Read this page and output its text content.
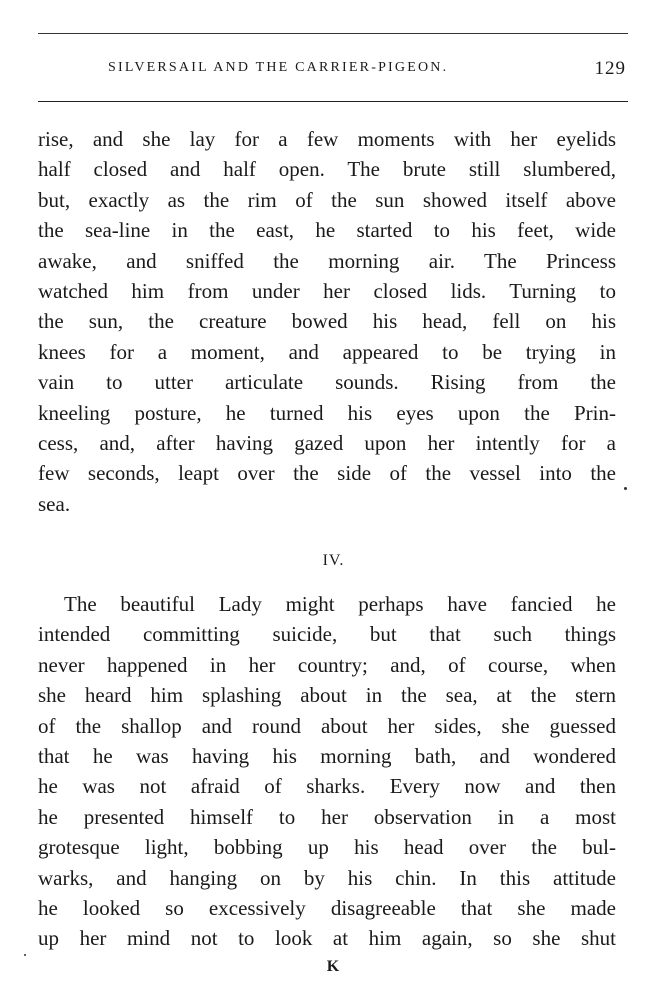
SILVERSAIL AND THE CARRIER-PIGEON.	129
rise, and she lay for a few moments with her eyelids
half closed and half open. The brute still slumbered,
but, exactly as the rim of the sun showed itself above
the sea-line in the east, he started to his feet, wide
awake, and sniffed the morning air. The Princess
watched him from under her closed lids. Turning to
the sun, the creature bowed his head, fell on his
knees for a moment, and appeared to be trying in
vain to utter articulate sounds. Rising from the
kneeling posture, he turned his eyes upon the Prin-
cess, and, after having gazed upon her intently for a
few seconds, leapt over the side of the vessel into the
sea.
IV.
The beautiful Lady might perhaps have fancied he
intended committing suicide, but that such things
never happened in her country; and, of course, when
she heard him splashing about in the sea, at the stern
of the shallop and round about her sides, she guessed
that he was having his morning bath, and wondered
he was not afraid of sharks. Every now and then
he presented himself to her observation in a most
grotesque light, bobbing up his head over the bul-
warks, and hanging on by his chin. In this attitude
he looked so excessively disagreeable that she made
up her mind not to look at him again, so she shut
K
